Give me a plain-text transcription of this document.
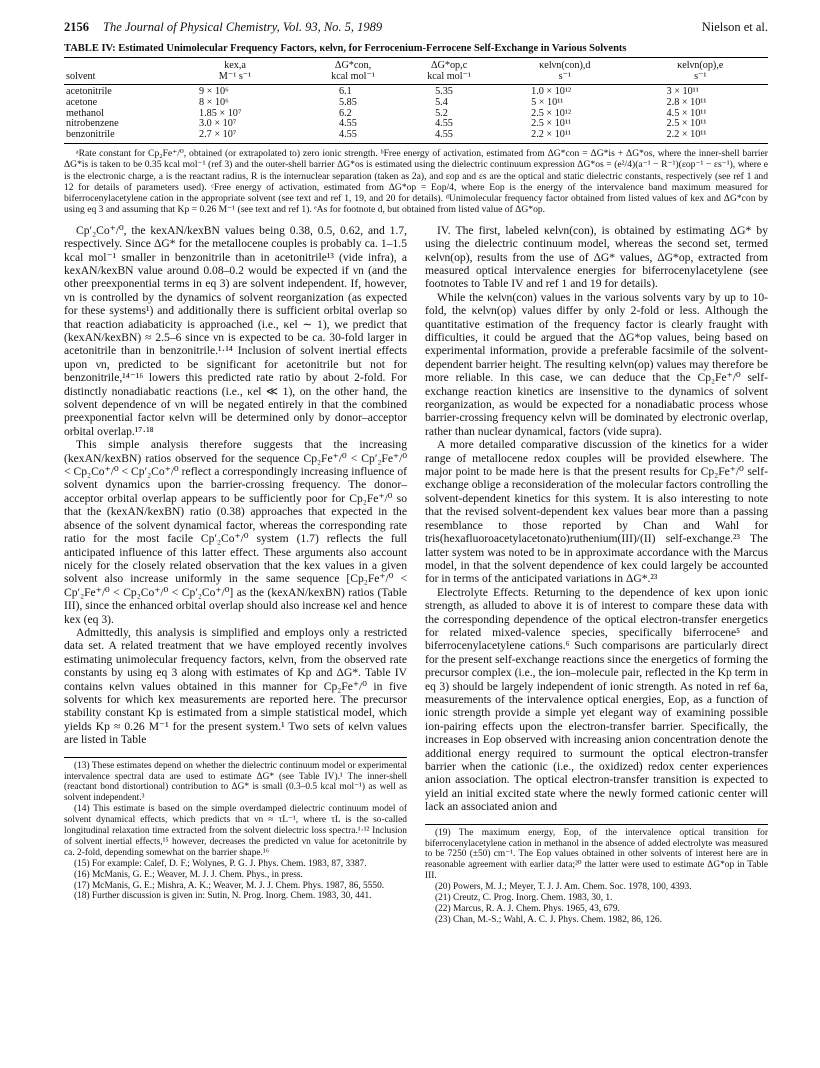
2156 The Journal of Physical Chemistry, Vol. 93, No. 5, 1989	Nielson et al.
TABLE IV: Estimated Unimolecular Frequency Factors, κelνn, for Ferrocenium-Ferrocene Self-Exchange in Various Solvents
	kex,a	ΔG*con,	ΔG*op,c	κelνn(con),d	κelνn(op),e
solvent	M⁻¹ s⁻¹	kcal mol⁻¹	kcal mol⁻¹	s⁻¹	s⁻¹
acetonitrile	9 × 10⁶	6.1	5.35	1.0 × 10¹²	3 × 10¹¹
acetone	8 × 10⁶	5.85	5.4	5 × 10¹¹	2.8 × 10¹¹
methanol	1.85 × 10⁷	6.2	5.2	2.5 × 10¹²	4.5 × 10¹¹
nitrobenzene	3.0 × 10⁷	4.55	4.55	2.5 × 10¹¹	2.5 × 10¹¹
benzonitrile	2.7 × 10⁷	4.55	4.55	2.2 × 10¹¹	2.2 × 10¹¹
ᵃRate constant for Cp₂Fe⁺/⁰, obtained (or extrapolated to) zero ionic strength. ᵇFree energy of activation, estimated from ΔG*con = ΔG*is + ΔG*os, where the inner-shell barrier ΔG*is is taken to be 0.35 kcal mol⁻¹ (ref 3) and the outer-shell barrier ΔG*os is estimated using the dielectric continuum expression ΔG*os = (e²/4)(a⁻¹ − R⁻¹)(εop⁻¹ − εs⁻¹), where e is the electronic charge, a is the reactant radius, R is the internuclear separation (taken as 2a), and εop and εs are the optical and static dielectric constants, respectively (see ref 1 and 12 for details of parameters used). ᶜFree energy of activation, estimated from ΔG*op = Eop/4, where Eop is the energy of the intervalence band maximum measured for biferrocenylacetylene cation in the appropriate solvent (see text and ref 1, 19, and 20 for details). ᵈUnimolecular frequency factor obtained from listed values of kex and ΔG*con by using eq 3 and assuming that Kp = 0.26 M⁻¹ (see text and ref 1). ᵉAs for footnote d, but obtained from listed value of ΔG*op.

Cp′₂Co⁺/⁰, the kexAN/kexBN values being 0.38, 0.5, 0.62, and 1.7, respectively. Since ΔG* for the metallocene couples is probably ca. 1–1.5 kcal mol⁻¹ smaller in benzonitrile than in acetonitrile¹³ (vide infra), a kexAN/kexBN value around 0.08–0.2 would be expected if νn (and the other preexponential terms in eq 3) are solvent independent. If, however, νn is controlled by the dynamics of solvent reorganization (as expected for these systems¹) and additionally there is sufficient orbital overlap so that reaction adiabaticity is approached (i.e., κel ∼ 1), we predict that (kexAN/kexBN) ≈ 2.5–6 since νn is expected to be ca. 30-fold larger in acetonitrile than in benzonitrile.¹·¹⁴ Inclusion of solvent inertial effects upon νn, predicted to be significant for acetonitrile but not for benzonitrile,¹⁴⁻¹⁶ lowers this predicted rate ratio by about 2-fold. For distinctly nonadiabatic reactions (i.e., κel ≪ 1), on the other hand, the solvent dependence of νn will be negated entirely in that the combined preexponential factor κelνn will be determined only by donor–acceptor orbital overlap.¹⁷·¹⁸

This simple analysis therefore suggests that the increasing (kexAN/kexBN) ratios observed for the sequence Cp₂Fe⁺/⁰ < Cp′₂Fe⁺/⁰ < Cp₂Co⁺/⁰ < Cp′₂Co⁺/⁰ reflect a correspondingly increasing influence of solvent dynamics upon the barrier-crossing frequency. The donor–acceptor orbital overlap appears to be sufficiently poor for Cp₂Fe⁺/⁰ so that the (kexAN/kexBN) ratio (0.38) approaches that expected in the absence of the solvent dynamical factor, whereas the corresponding rate ratio for the most facile Cp′₂Co⁺/⁰ system (1.7) reflects the full anticipated influence of this latter effect. These arguments also account nicely for the closely related observation that the kex values in a given solvent also increase uniformly in the same sequence [Cp₂Fe⁺/⁰ < Cp′₂Fe⁺/⁰ < Cp₂Co⁺/⁰ < Cp′₂Co⁺/⁰] as the (kexAN/kexBN) ratios (Table III), since the enhanced orbital overlap should also increase κel and hence kex (eq 3).

Admittedly, this analysis is simplified and employs only a restricted data set. A related treatment that we have employed recently involves estimating unimolecular frequency factors, κelνn, from the observed rate constants by using eq 3 along with estimates of Kp and ΔG*. Table IV contains κelνn values obtained in this manner for Cp₂Fe⁺/⁰ in five solvents for which kex measurements are reported here. The precursor stability constant Kp is estimated from a simple statistical model, which yields Kp ≈ 0.26 M⁻¹ for the present system.¹ Two sets of κelνn values are listed in Table

(13) These estimates depend on whether the dielectric continuum model or experimental intervalence spectral data are used to estimate ΔG* (see Table IV).¹ The inner-shell (reactant bond distortional) contribution to ΔG* is small (0.3–0.5 kcal mol⁻¹) as well as solvent independent.³

(14) This estimate is based on the simple overdamped dielectric continuum model of solvent dynamical effects, which predicts that νn ≈ τL⁻¹, where τL is the so-called longitudinal relaxation time extracted from the solvent dielectric loss spectra.¹·¹² Inclusion of solvent inertial effects,¹⁵ however, decreases the predicted νn value for acetonitrile by ca. 2-fold, depending somewhat on the barrier shape.¹⁶

(15) For example: Calef, D. F.; Wolynes, P. G. J. Phys. Chem. 1983, 87, 3387.

(16) McManis, G. E.; Weaver, M. J. J. Chem. Phys., in press.

(17) McManis, G. E.; Mishra, A. K.; Weaver, M. J. J. Chem. Phys. 1987, 86, 5550.

(18) Further discussion is given in: Sutin, N. Prog. Inorg. Chem. 1983, 30, 441.

IV. The first, labeled κelνn(con), is obtained by estimating ΔG* by using the dielectric continuum model, whereas the second set, termed κelνn(op), results from the use of ΔG* values, ΔG*op, extracted from measured optical intervalence energies for biferrocenylacetylene (see footnotes to Table IV and ref 1 and 19 for details).

While the κelνn(con) values in the various solvents vary by up to 10-fold, the κelνn(op) values differ by only 2-fold or less. Although the quantitative estimation of the frequency factor is clearly fraught with difficulties, it could be argued that the ΔG*op values, being based on experimental information, provide a preferable facsimile of the solvent-dependent barrier height. The resulting κelνn(op) values may therefore be more reliable. In this case, we can deduce that the Cp₂Fe⁺/⁰ self-exchange reaction kinetics are insensitive to the dynamics of solvent reorganization, as would be expected for a nonadiabatic process whose barrier-crossing frequency κelνn will be dominated by electronic overlap, rather than nuclear dynamical, factors (vide supra).

A more detailed comparative discussion of the kinetics for a wider range of metallocene redox couples will be provided elsewhere. The major point to be made here is that the present results for Cp₂Fe⁺/⁰ self-exchange oblige a reconsideration of the molecular factors controlling the solvent-dependent kinetics for this system. It is also interesting to note that the revised solvent-dependent kex values bear more than a passing resemblance to those reported by Chan and Wahl for tris(hexafluoroacetylacetonato)ruthenium(III)/(II) self-exchange.²³ The latter system was noted to be in approximate accordance with the Marcus model, in that the solvent dependence of kex could largely be accounted for in terms of the anticipated variations in ΔG*.²³

Electrolyte Effects. Returning to the dependence of kex upon ionic strength, as alluded to above it is of interest to compare these data with the corresponding dependence of the optical electron-transfer energetics for related mixed-valence species, specifically biferrocene⁵ and biferrocenylacetylene cations.⁶ Such comparisons are particularly direct for the present self-exchange reactions since the energetics of forming the precursor complex (i.e., the ion–molecule pair, reflected in the Kp term in eq 3) should be largely independent of ionic strength. As noted in ref 6a, measurements of the intervalence optical energies, Eop, as a function of ionic strength provide a simple yet elegant way of examining possible ion-pairing effects upon the electron-transfer barrier. Specifically, the increases in Eop observed with increasing anion concentration denote the additional energy required to surmount the optical electron-transfer barrier when the cationic (i.e., the oxidized) redox center experiences anion association. The optical electron-transfer transition is expected to yield an initial excited state where the newly formed cationic center will lack an associated anion and

(19) The maximum energy, Eop, of the intervalence optical transition for biferrocenylacetylene cation in methanol in the absence of added electrolyte was measured to be 7250 (±50) cm⁻¹. The Eop values obtained in other solvents of interest here are in reasonable agreement with earlier data;²⁰ the latter were used to estimate ΔG*op in Table III.

(20) Powers, M. J.; Meyer, T. J. J. Am. Chem. Soc. 1978, 100, 4393.

(21) Creutz, C. Prog. Inorg. Chem. 1983, 30, 1.

(22) Marcus, R. A. J. Chem. Phys. 1965, 43, 679.

(23) Chan, M.-S.; Wahl, A. C. J. Phys. Chem. 1982, 86, 126.
